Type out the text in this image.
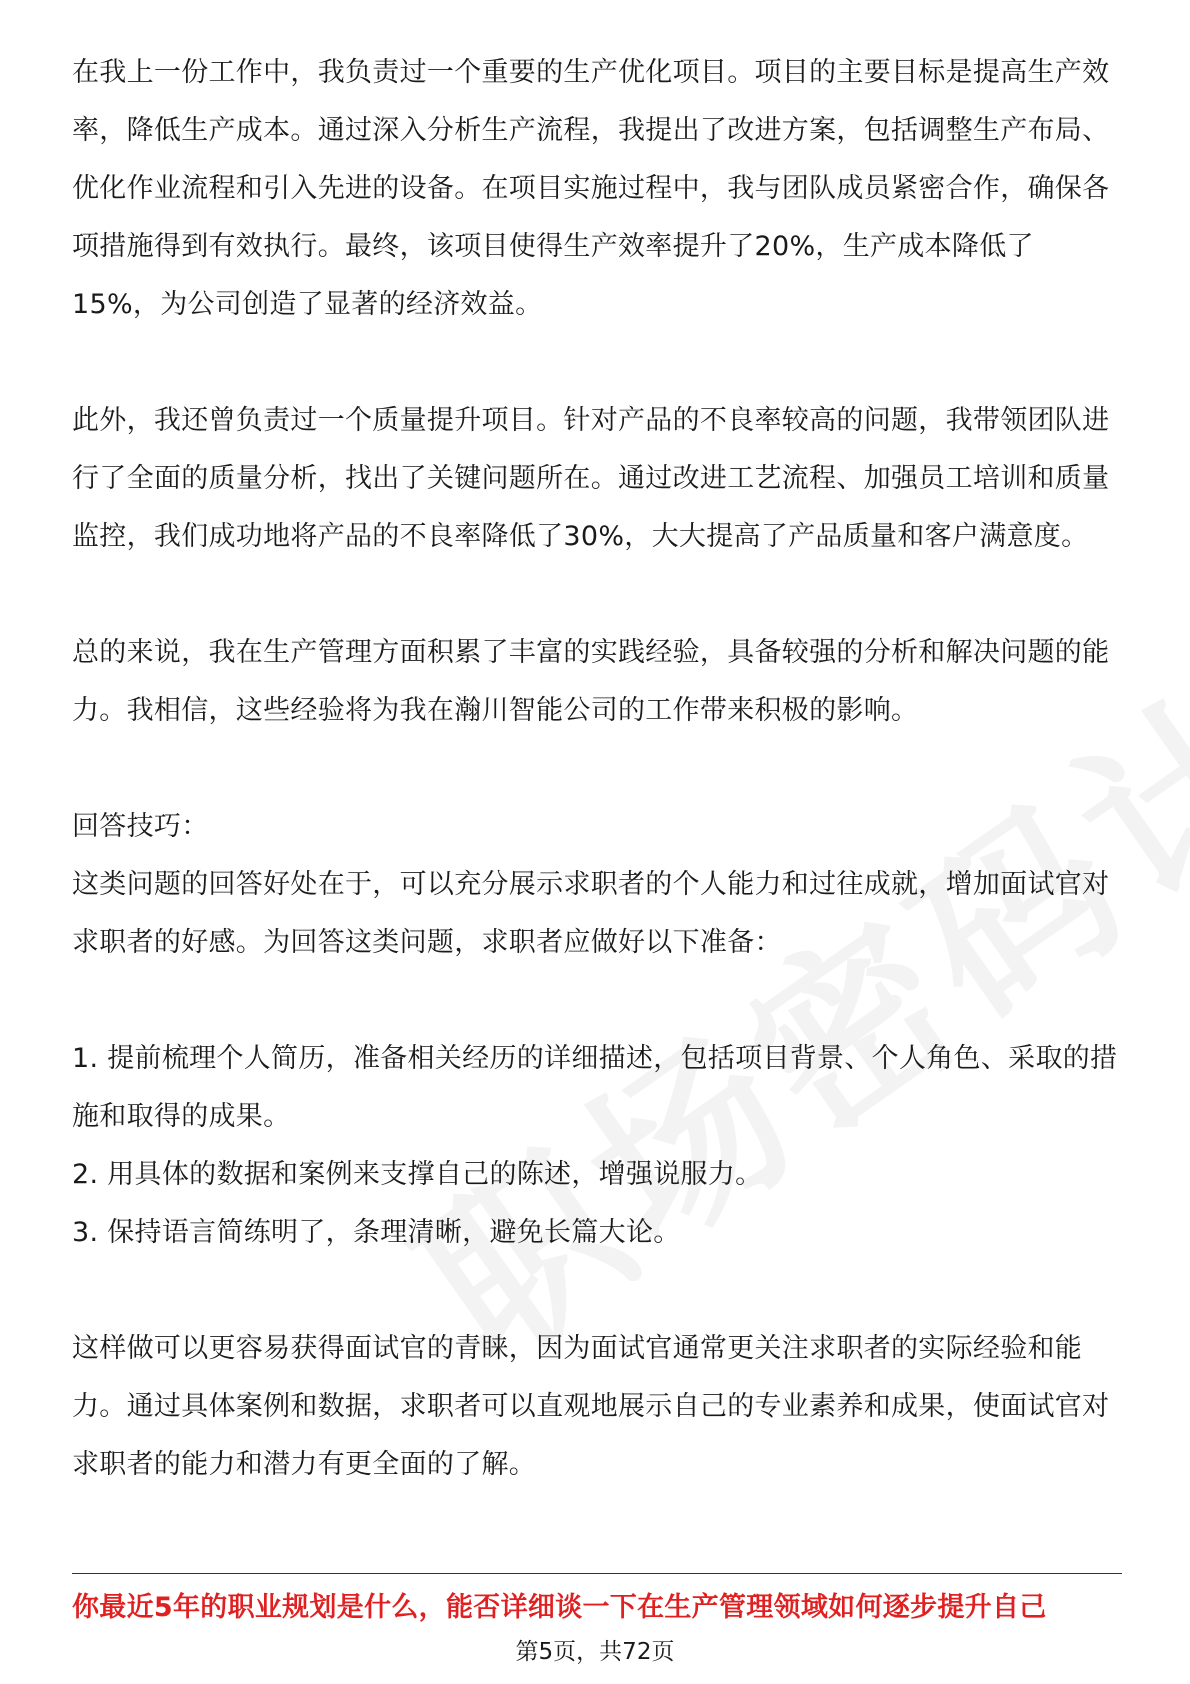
在我上一份工作中，我负责过一个重要的生产优化项目。项目的主要目标是提高生产效率，降低生产成本。通过深入分析生产流程，我提出了改进方案，包括调整生产布局、优化作业流程和引入先进的设备。在项目实施过程中，我与团队成员紧密合作，确保各项措施得到有效执行。最终，该项目使得生产效率提升了20%，生产成本降低了15%，为公司创造了显著的经济效益。

此外，我还曾负责过一个质量提升项目。针对产品的不良率较高的问题，我带领团队进行了全面的质量分析，找出了关键问题所在。通过改进工艺流程、加强员工培训和质量监控，我们成功地将产品的不良率降低了30%，大大提高了产品质量和客户满意度。

总的来说，我在生产管理方面积累了丰富的实践经验，具备较强的分析和解决问题的能力。我相信，这些经验将为我在瀚川智能公司的工作带来积极的影响。

回答技巧：

这类问题的回答好处在于，可以充分展示求职者的个人能力和过往成就，增加面试官对求职者的好感。为回答这类问题，求职者应做好以下准备：

1. 提前梳理个人简历，准备相关经历的详细描述，包括项目背景、个人角色、采取的措施和取得的成果。

2. 用具体的数据和案例来支撑自己的陈述，增强说服力。

3. 保持语言简练明了，条理清晰，避免长篇大论。

这样做可以更容易获得面试官的青睐，因为面试官通常更关注求职者的实际经验和能力。通过具体案例和数据，求职者可以直观地展示自己的专业素养和成果，使面试官对求职者的能力和潜力有更全面的了解。

你最近5年的职业规划是什么，能否详细谈一下在生产管理领域如何逐步提升自己
第5页，共72页
